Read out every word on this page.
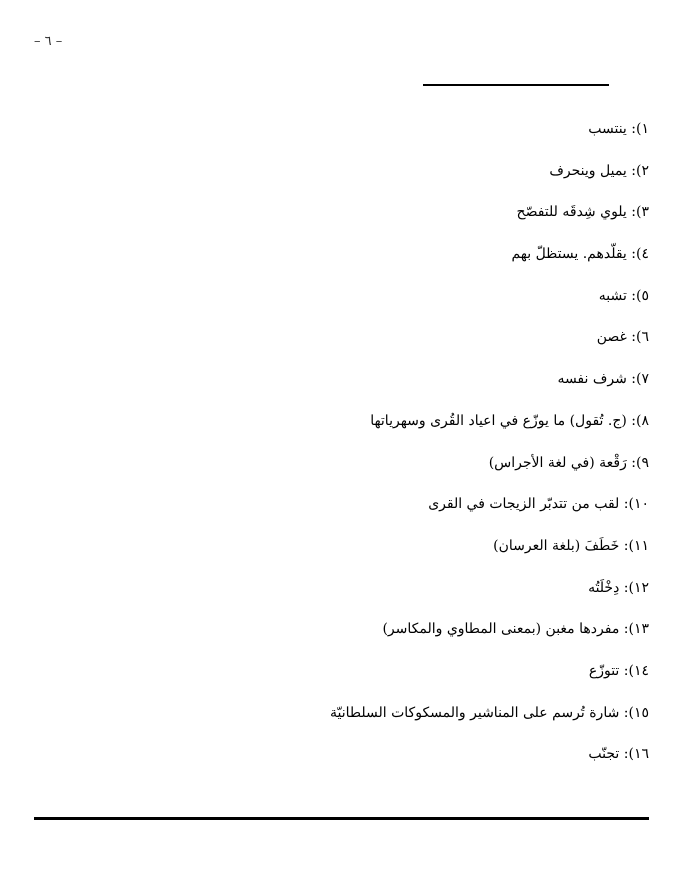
– ٦ –
١): ينتسب
٢): يميل وينحرف
٣): يلوي شِدقَه للتفصّح
٤): يقلّدهم. يستظلّ بهم
٥): تشبه
٦): غصن
٧): شرف نفسه
٨): (ج. تُقول) ما يوزّع في اعياد القُرى وسهرياتها
٩): رَقْعة (في لغة الأجراس)
١٠): لقب من تتدبّر الزيجات في القرى
١١): خَطَفَ (بلغة العرسان)
١٢): دِخْلَتُه
١٣): مفردها مغبن (بمعنى المطاوي والمكاسر)
١٤): تتوزّع
١٥): شارة تُرسم على المناشير والمسكوكات السلطانيّة
١٦): تجنّب
